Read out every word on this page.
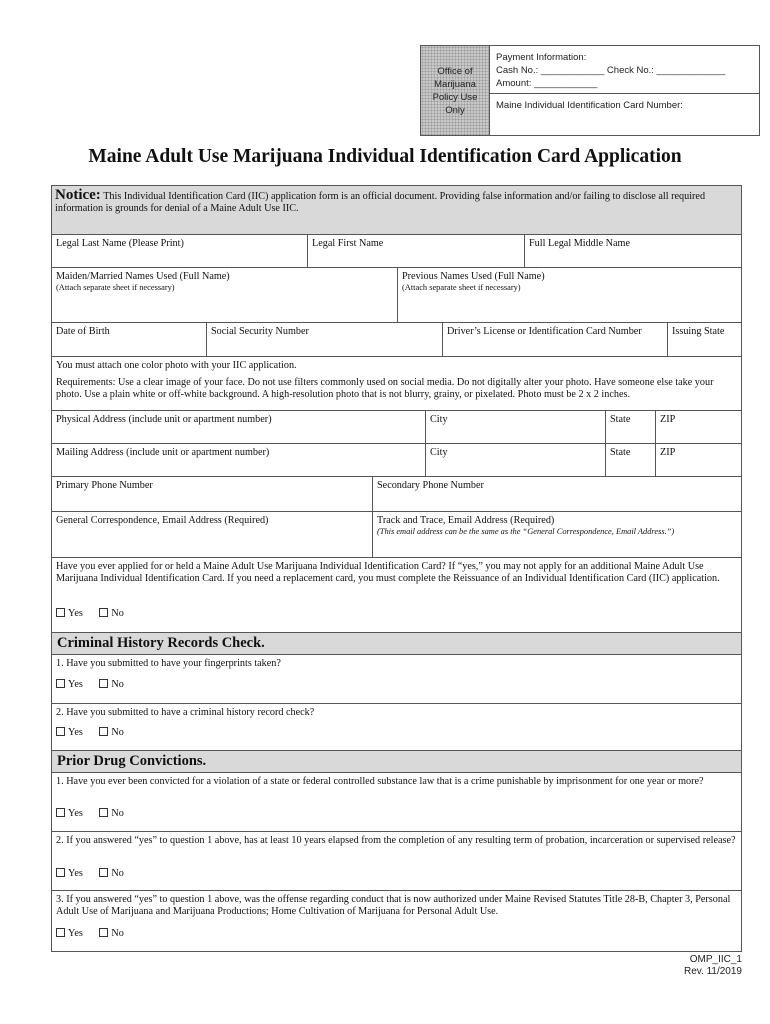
Office of
Marijuana
Policy Use
Only
Payment Information:
Cash No.: ____________ Check No.: _____________
Amount: ____________
Maine Individual Identification Card Number:
Maine Adult Use Marijuana Individual Identification Card Application
Notice: This Individual Identification Card (IIC) application form is an official document. Providing false information and/or failing to disclose all required information is grounds for denial of a Maine Adult Use IIC.
Legal Last Name (Please Print)	Legal First Name	Full Legal Middle Name
Maiden/Married Names Used (Full Name)
(Attach separate sheet if necessary)
Previous Names Used (Full Name)
(Attach separate sheet if necessary)
Date of Birth	Social Security Number	Driver’s License or Identification Card Number	Issuing State
You must attach one color photo with your IIC application.
Requirements: Use a clear image of your face. Do not use filters commonly used on social media. Do not digitally alter your photo. Have someone else take your photo. Use a plain white or off-white background. A high-resolution photo that is not blurry, grainy, or pixelated. Photo must be 2 x 2 inches.
Physical Address (include unit or apartment number)	City	State	ZIP
Mailing Address (include unit or apartment number)	City	State	ZIP
Primary Phone Number	Secondary Phone Number
General Correspondence, Email Address (Required)	Track and Trace, Email Address (Required)
(This email address can be the same as the “General Correspondence, Email Address.”)
Have you ever applied for or held a Maine Adult Use Marijuana Individual Identification Card? If “yes,” you may not apply for an additional Maine Adult Use Marijuana Individual Identification Card. If you need a replacement card, you must complete the Reissuance of an Individual Identification Card (IIC) application.
Yes	No
Criminal History Records Check.
1. Have you submitted to have your fingerprints taken?
Yes	No
2. Have you submitted to have a criminal history record check?
Yes	No
Prior Drug Convictions.
1. Have you ever been convicted for a violation of a state or federal controlled substance law that is a crime punishable by imprisonment for one year or more?
Yes	No
2. If you answered “yes” to question 1 above, has at least 10 years elapsed from the completion of any resulting term of probation, incarceration or supervised release?
Yes	No
3. If you answered “yes” to question 1 above, was the offense regarding conduct that is now authorized under Maine Revised Statutes Title 28-B, Chapter 3, Personal Adult Use of Marijuana and Marijuana Productions; Home Cultivation of Marijuana for Personal Adult Use.
Yes	No
OMP_IIC_1
Rev. 11/2019
